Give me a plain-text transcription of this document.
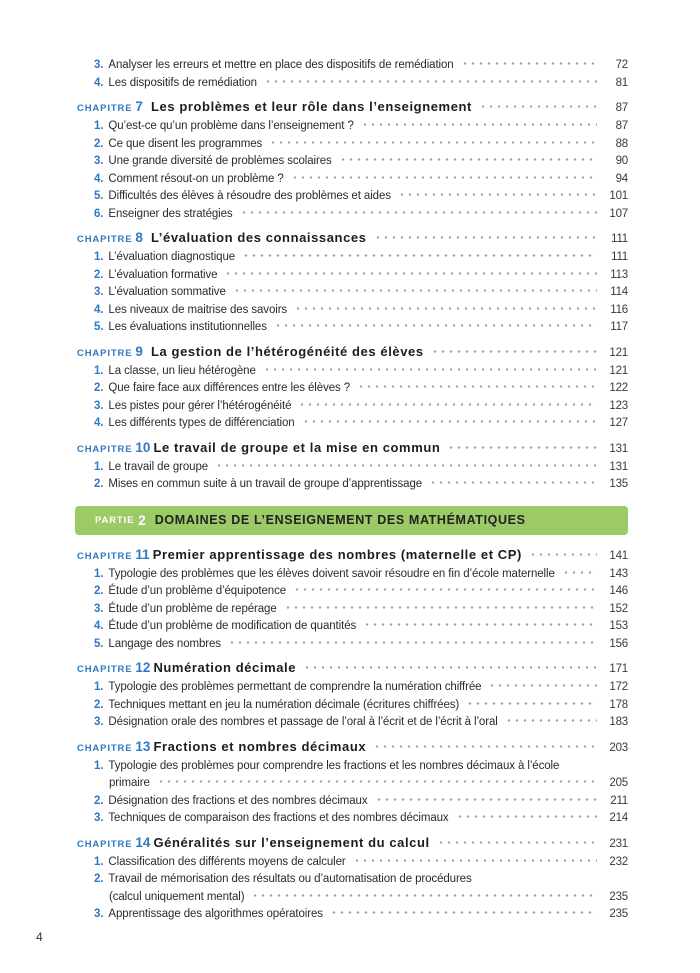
3. Analyser les erreurs et mettre en place des dispositifs de remédiation	72
4. Les dispositifs de remédiation	81
CHAPITRE 7 Les problèmes et leur rôle dans l’enseignement	87
1. Qu’est-ce qu’un problème dans l’enseignement ?	87
2. Ce que disent les programmes	88
3. Une grande diversité de problèmes scolaires	90
4. Comment résout-on un problème ?	94
5. Difficultés des élèves à résoudre des problèmes et aides	101
6. Enseigner des stratégies	107
CHAPITRE 8 L’évaluation des connaissances	111
1. L’évaluation diagnostique	111
2. L’évaluation formative	113
3. L’évaluation sommative	114
4. Les niveaux de maitrise des savoirs	116
5. Les évaluations institutionnelles	117
CHAPITRE 9 La gestion de l’hétérogénéité des élèves	121
1. La classe, un lieu hétérogène	121
2. Que faire face aux différences entre les élèves ?	122
3. Les pistes pour gérer l’hétérogénéité	123
4. Les différents types de différenciation	127
CHAPITRE 10 Le travail de groupe et la mise en commun	131
1. Le travail de groupe	131
2. Mises en commun suite à un travail de groupe d’apprentissage	135
PARTIE 2 DOMAINES DE L’ENSEIGNEMENT DES MATHÉMATIQUES
CHAPITRE 11 Premier apprentissage des nombres (maternelle et CP)	141
1. Typologie des problèmes que les élèves doivent savoir résoudre en fin d’école maternelle	143
2. Étude d’un problème d’équipotence	146
3. Étude d’un problème de repérage	152
4. Étude d’un problème de modification de quantités	153
5. Langage des nombres	156
CHAPITRE 12 Numération décimale	171
1. Typologie des problèmes permettant de comprendre la numération chiffrée	172
2. Techniques mettant en jeu la numération décimale (écritures chiffrées)	178
3. Désignation orale des nombres et passage de l’oral à l’écrit et de l’écrit à l’oral	183
CHAPITRE 13 Fractions et nombres décimaux	203
1. Typologie des problèmes pour comprendre les fractions et les nombres décimaux à l’école
primaire	205
2. Désignation des fractions et des nombres décimaux	211
3. Techniques de comparaison des fractions et des nombres décimaux	214
CHAPITRE 14 Généralités sur l’enseignement du calcul	231
1. Classification des différents moyens de calculer	232
2. Travail de mémorisation des résultats ou d’automatisation de procédures
(calcul uniquement mental)	235
3. Apprentissage des algorithmes opératoires	235
4
